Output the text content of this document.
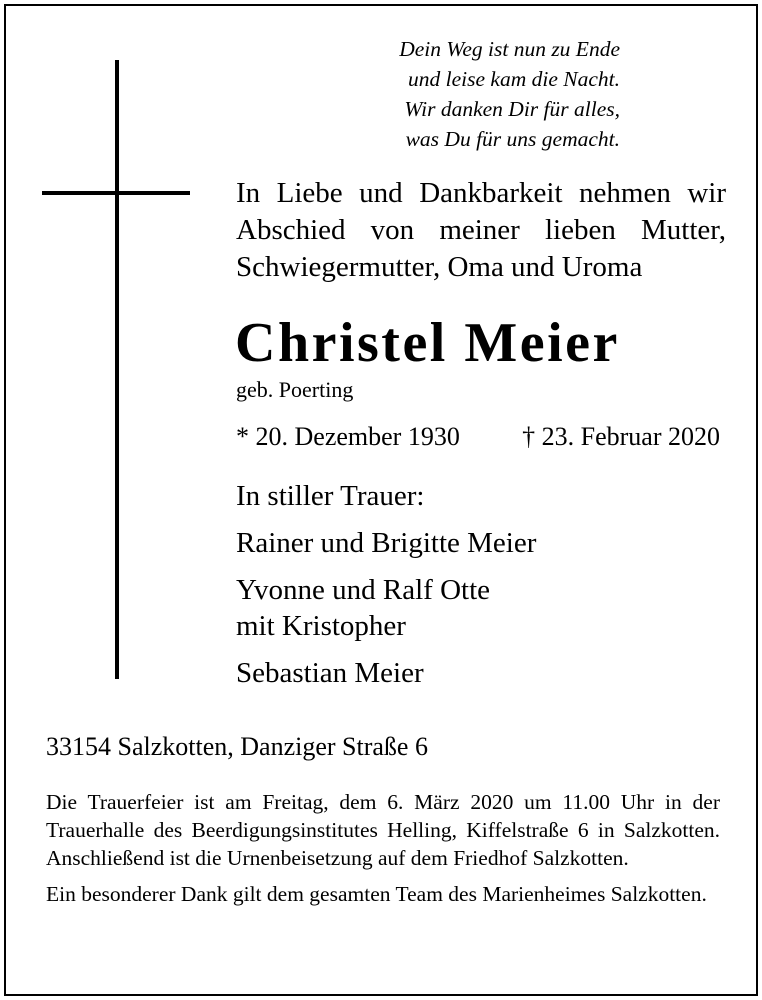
Dein Weg ist nun zu Ende
und leise kam die Nacht.
Wir danken Dir für alles,
was Du für uns gemacht.
In Liebe und Dankbarkeit nehmen wir
Abschied von meiner lieben Mutter,
Schwiegermutter, Oma und Uroma
Christel Meier
geb. Poerting
* 20. Dezember 1930 † 23. Februar 2020
In stiller Trauer:
Rainer und Brigitte Meier
Yvonne und Ralf Otte
mit Kristopher
Sebastian Meier
33154 Salzkotten, Danziger Straße 6

Die Trauerfeier ist am Freitag, dem 6. März 2020 um 11.00 Uhr in der Trauerhalle des Beerdigungsinstitutes Helling, Kiffelstraße 6 in Salzkotten. Anschließend ist die Urnenbeisetzung auf dem Friedhof Salzkotten.

Ein besonderer Dank gilt dem gesamten Team des Marienheimes Salzkotten.
